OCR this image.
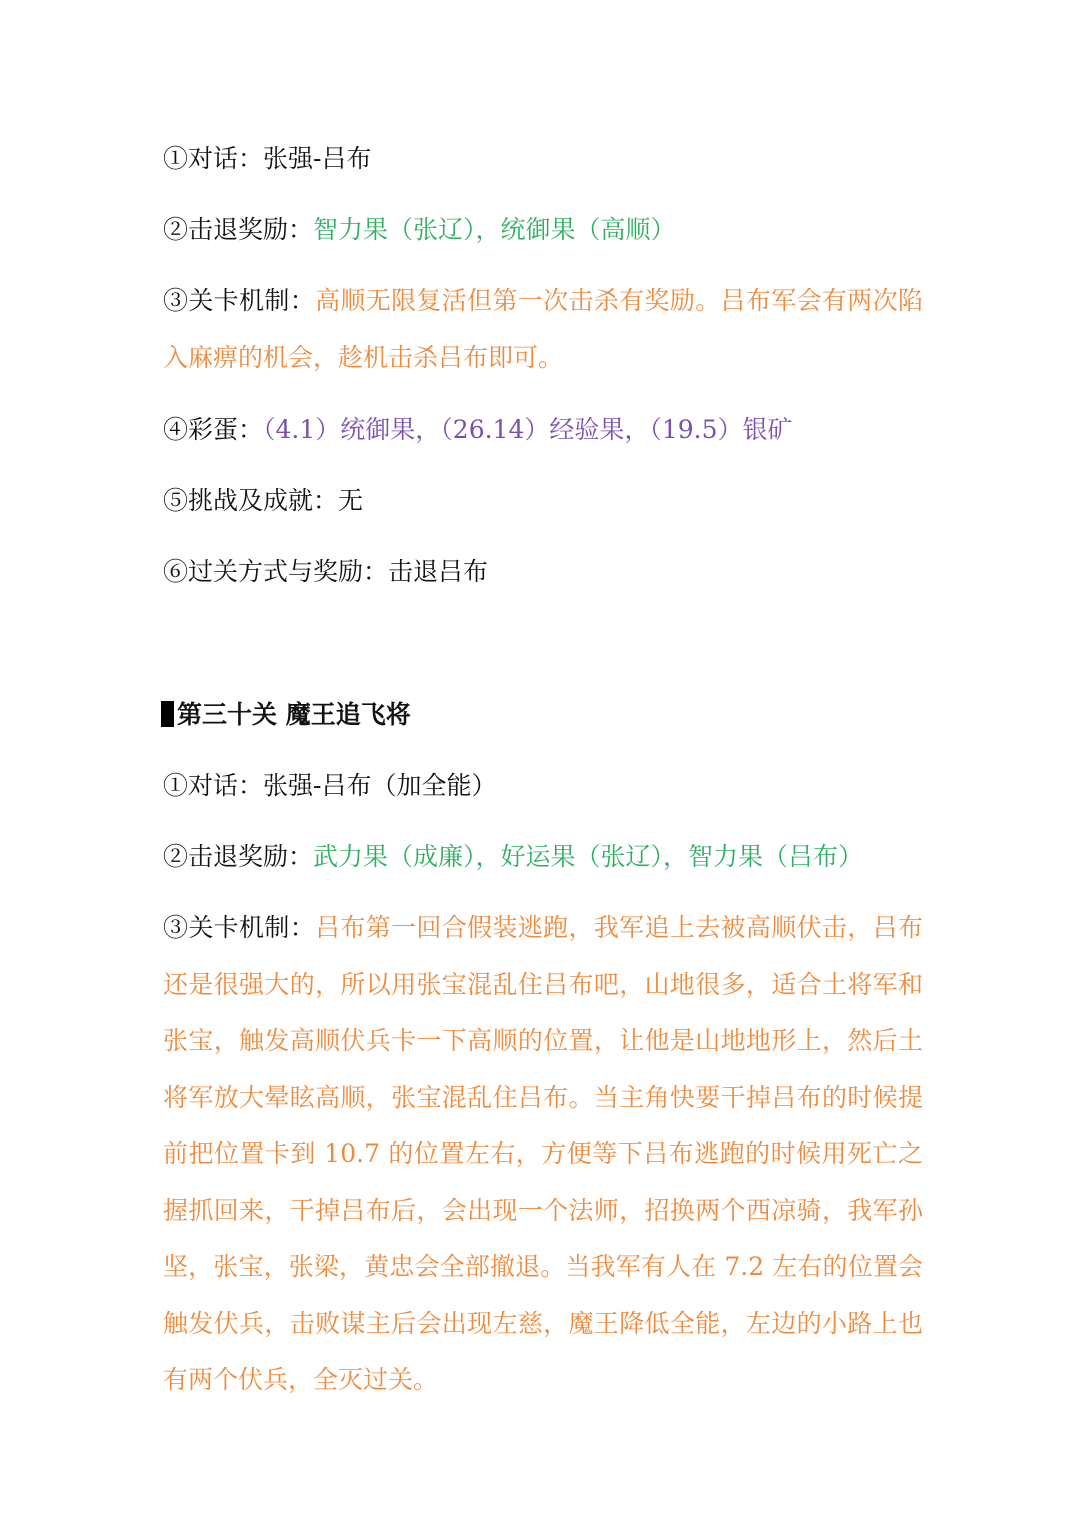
①对话：张强-吕布
②击退奖励：智力果（张辽），统御果（高顺）
③关卡机制：高顺无限复活但第一次击杀有奖励。吕布军会有两次陷入麻痹的机会，趁机击杀吕布即可。
④彩蛋：（4.1）统御果，（26.14）经验果，（19.5）银矿
⑤挑战及成就：无
⑥过关方式与奖励：击退吕布
第三十关 魔王追飞将
①对话：张强-吕布（加全能）
②击退奖励：武力果（成廉），好运果（张辽），智力果（吕布）
③关卡机制：吕布第一回合假装逃跑，我军追上去被高顺伏击，吕布还是很强大的，所以用张宝混乱住吕布吧，山地很多，适合土将军和张宝，触发高顺伏兵卡一下高顺的位置，让他是山地地形上，然后土将军放大晕眩高顺，张宝混乱住吕布。当主角快要干掉吕布的时候提前把位置卡到 10.7 的位置左右，方便等下吕布逃跑的时候用死亡之握抓回来，干掉吕布后，会出现一个法师，招换两个西凉骑，我军孙坚，张宝，张梁，黄忠会全部撤退。当我军有人在 7.2 左右的位置会触发伏兵，击败谋主后会出现左慈，魔王降低全能，左边的小路上也有两个伏兵，全灭过关。
